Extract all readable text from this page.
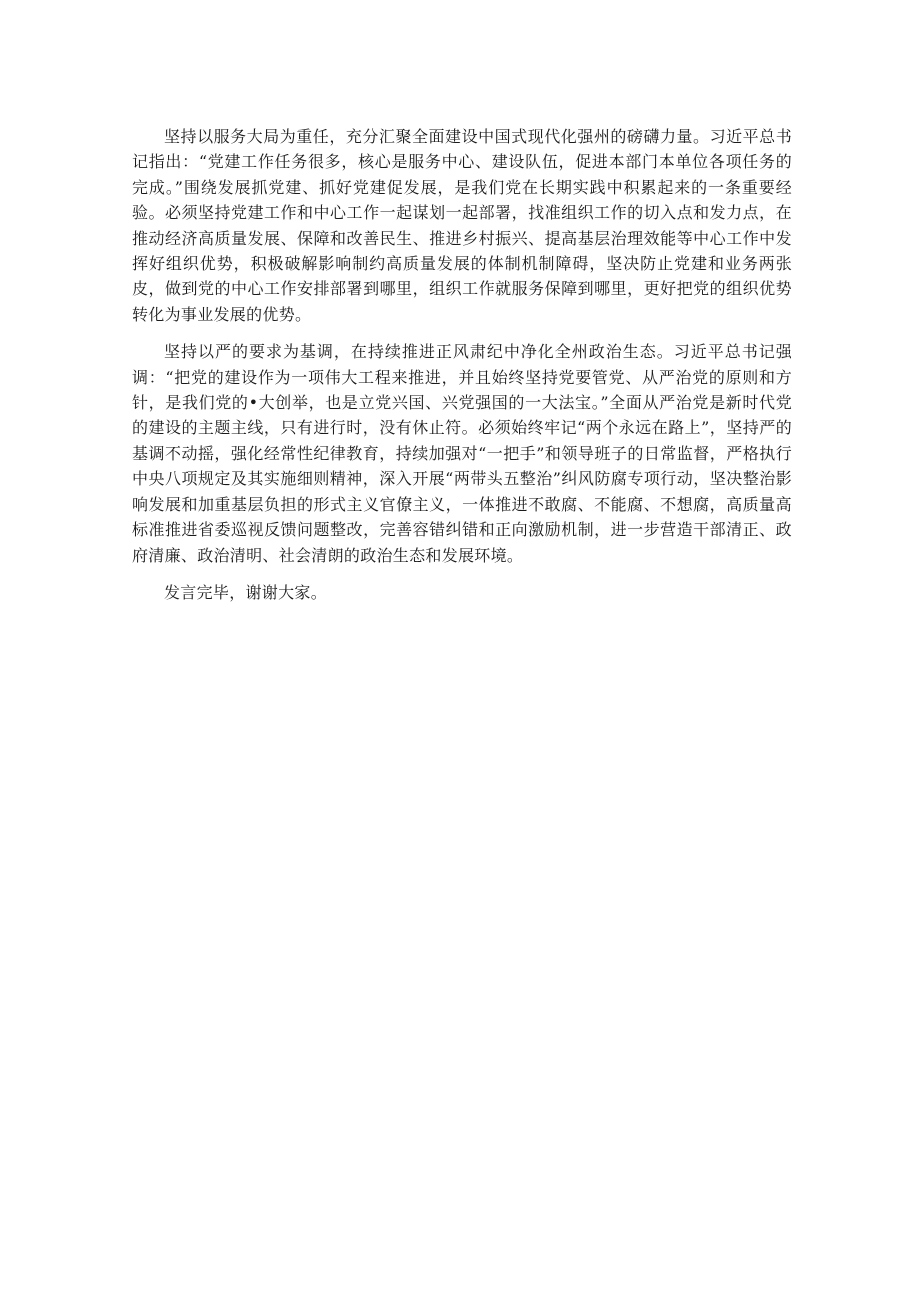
坚持以服务大局为重任，充分汇聚全面建设中国式现代化强州的磅礴力量。习近平总书记指出：“党建工作任务很多，核心是服务中心、建设队伍，促进本部门本单位各项任务的完成。”围绕发展抓党建、抓好党建促发展，是我们党在长期实践中积累起来的一条重要经验。必须坚持党建工作和中心工作一起谋划一起部署，找准组织工作的切入点和发力点，在推动经济高质量发展、保障和改善民生、推进乡村振兴、提高基层治理效能等中心工作中发挥好组织优势，积极破解影响制约高质量发展的体制机制障碍，坚决防止党建和业务两张皮，做到党的中心工作安排部署到哪里，组织工作就服务保障到哪里，更好把党的组织优势转化为事业发展的优势。

坚持以严的要求为基调，在持续推进正风肃纪中净化全州政治生态。习近平总书记强调：“把党的建设作为一项伟大工程来推进，并且始终坚持党要管党、从严治党的原则和方针，是我们党的•大创举，也是立党兴国、兴党强国的一大法宝。”全面从严治党是新时代党的建设的主题主线，只有进行时，没有休止符。必须始终牢记“两个永远在路上”，坚持严的基调不动摇，强化经常性纪律教育，持续加强对“一把手”和领导班子的日常监督，严格执行中央八项规定及其实施细则精神，深入开展“两带头五整治”纠风防腐专项行动，坚决整治影响发展和加重基层负担的形式主义官僚主义，一体推进不敢腐、不能腐、不想腐，高质量高标准推进省委巡视反馈问题整改，完善容错纠错和正向激励机制，进一步营造干部清正、政府清廉、政治清明、社会清朗的政治生态和发展环境。

发言完毕，谢谢大家。
